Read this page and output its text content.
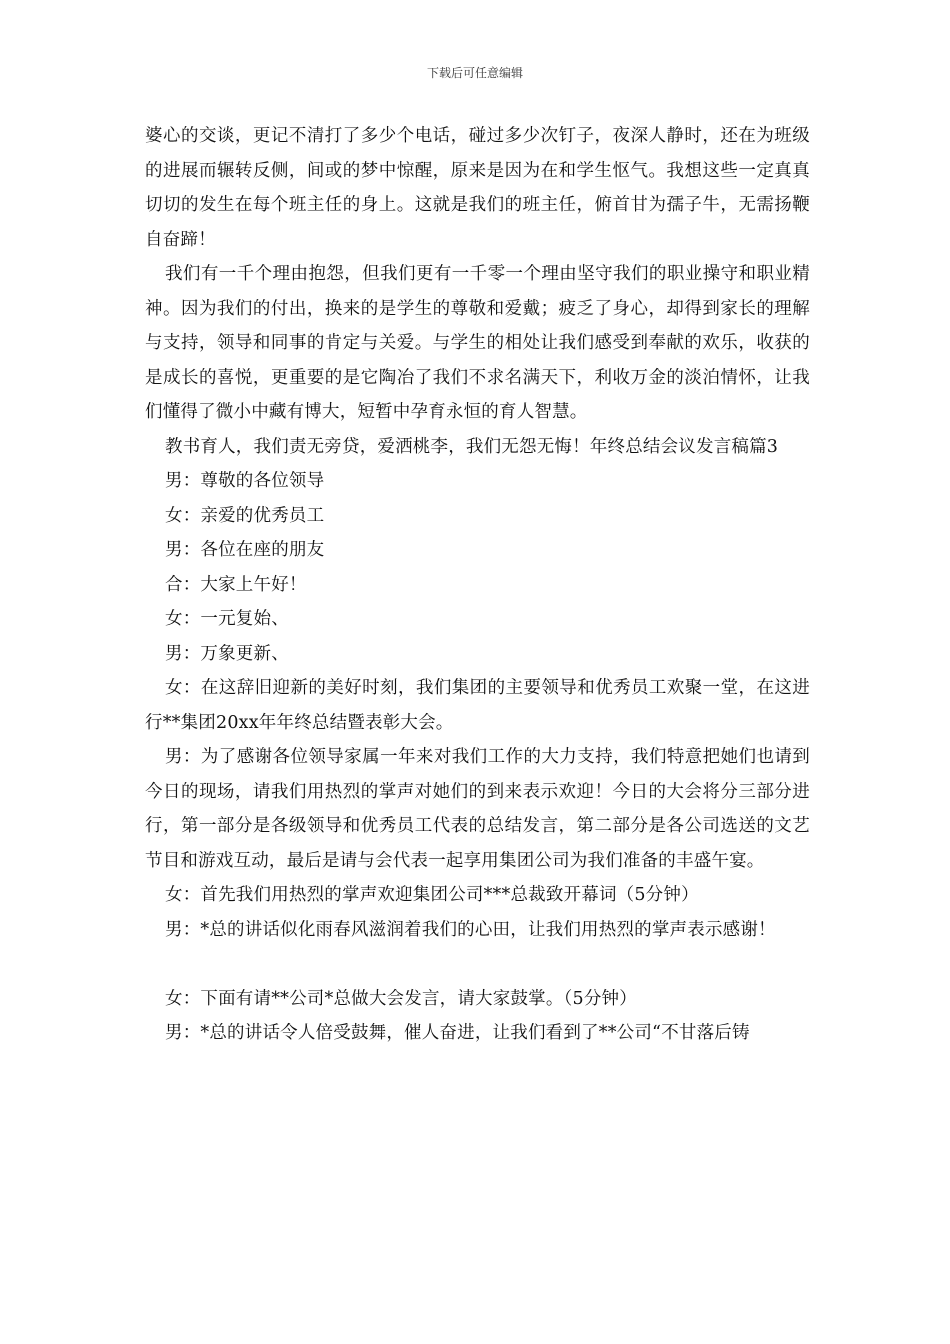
下载后可任意编辑

婆心的交谈，更记不清打了多少个电话，碰过多少次钉子，夜深人静时，还在为班级的进展而辗转反侧，间或的梦中惊醒，原来是因为在和学生怄气。我想这些一定真真切切的发生在每个班主任的身上。这就是我们的班主任，俯首甘为孺子牛，无需扬鞭自奋蹄！

我们有一千个理由抱怨，但我们更有一千零一个理由坚守我们的职业操守和职业精神。因为我们的付出，换来的是学生的尊敬和爱戴；疲乏了身心，却得到家长的理解与支持，领导和同事的肯定与关爱。与学生的相处让我们感受到奉献的欢乐，收获的是成长的喜悦，更重要的是它陶冶了我们不求名满天下，利收万金的淡泊情怀，让我们懂得了微小中藏有博大，短暂中孕育永恒的育人智慧。

教书育人，我们责无旁贷，爱洒桃李，我们无怨无悔！年终总结会议发言稿篇3

男：尊敬的各位领导

女：亲爱的优秀员工

男：各位在座的朋友

合：大家上午好！

女：一元复始、

男：万象更新、

女：在这辞旧迎新的美好时刻，我们集团的主要领导和优秀员工欢聚一堂，在这进行**集团20xx年年终总结暨表彰大会。

男：为了感谢各位领导家属一年来对我们工作的大力支持，我们特意把她们也请到今日的现场，请我们用热烈的掌声对她们的到来表示欢迎！今日的大会将分三部分进行，第一部分是各级领导和优秀员工代表的总结发言，第二部分是各公司选送的文艺节目和游戏互动，最后是请与会代表一起享用集团公司为我们准备的丰盛午宴。

女：首先我们用热烈的掌声欢迎集团公司***总裁致开幕词（5分钟）

男：*总的讲话似化雨春风滋润着我们的心田，让我们用热烈的掌声表示感谢！

女：下面有请**公司*总做大会发言，请大家鼓掌。（5分钟）

男：*总的讲话令人倍受鼓舞，催人奋进，让我们看到了**公司“不甘落后铸
